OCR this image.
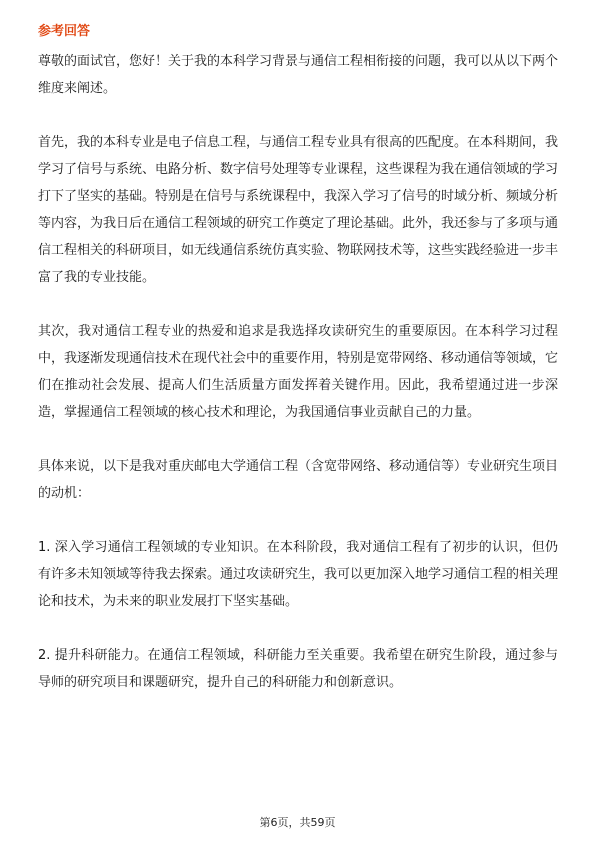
参考回答

尊敬的面试官，您好！关于我的本科学习背景与通信工程相衔接的问题，我可以从以下两个维度来阐述。

首先，我的本科专业是电子信息工程，与通信工程专业具有很高的匹配度。在本科期间，我学习了信号与系统、电路分析、数字信号处理等专业课程，这些课程为我在通信领域的学习打下了坚实的基础。特别是在信号与系统课程中，我深入学习了信号的时域分析、频域分析等内容，为我日后在通信工程领域的研究工作奠定了理论基础。此外，我还参与了多项与通信工程相关的科研项目，如无线通信系统仿真实验、物联网技术等，这些实践经验进一步丰富了我的专业技能。

其次，我对通信工程专业的热爱和追求是我选择攻读研究生的重要原因。在本科学习过程中，我逐渐发现通信技术在现代社会中的重要作用，特别是宽带网络、移动通信等领域，它们在推动社会发展、提高人们生活质量方面发挥着关键作用。因此，我希望通过进一步深造，掌握通信工程领域的核心技术和理论，为我国通信事业贡献自己的力量。

具体来说，以下是我对重庆邮电大学通信工程（含宽带网络、移动通信等）专业研究生项目的动机：

1. 深入学习通信工程领域的专业知识。在本科阶段，我对通信工程有了初步的认识，但仍有许多未知领域等待我去探索。通过攻读研究生，我可以更加深入地学习通信工程的相关理论和技术，为未来的职业发展打下坚实基础。

2. 提升科研能力。在通信工程领域，科研能力至关重要。我希望在研究生阶段，通过参与导师的研究项目和课题研究，提升自己的科研能力和创新意识。

第6页，共59页
